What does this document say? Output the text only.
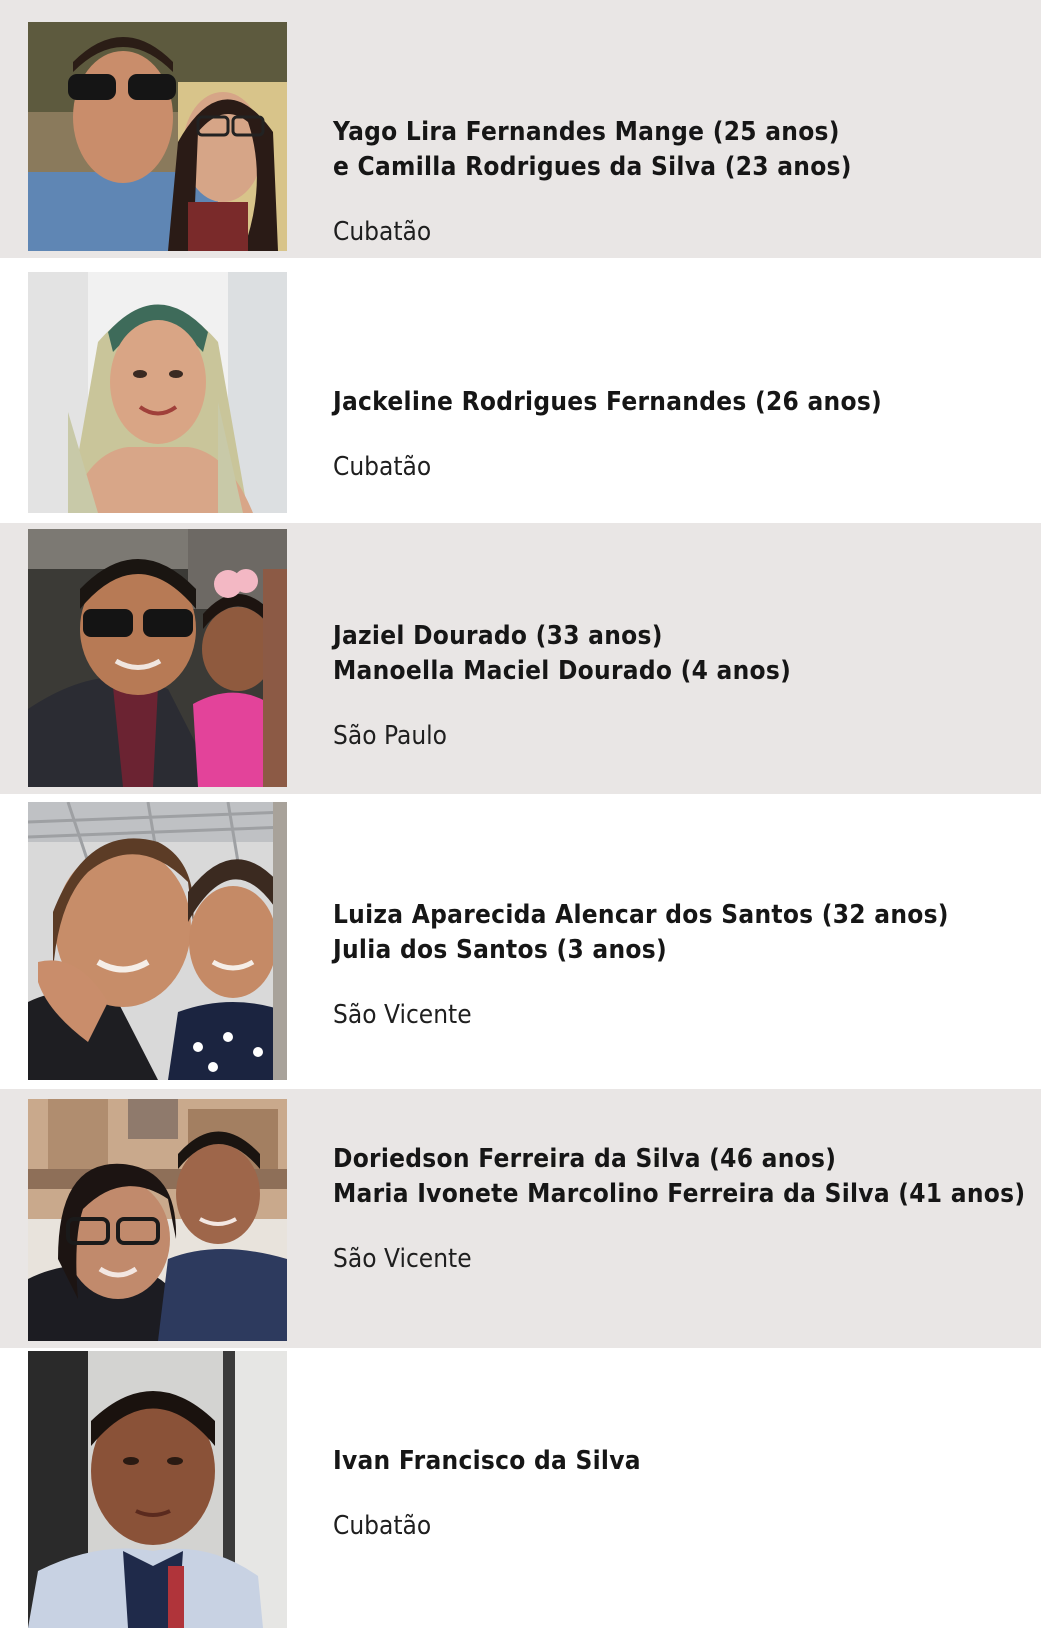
Yago Lira Fernandes Mange (25 anos)
e Camilla Rodrigues da Silva (23 anos)
Cubatão
Jackeline Rodrigues Fernandes (26 anos)
Cubatão
Jaziel Dourado (33 anos)
Manoella Maciel Dourado (4 anos)
São Paulo
Luiza Aparecida Alencar dos Santos (32 anos)
Julia dos Santos (3 anos)
São Vicente
Doriedson Ferreira da Silva (46 anos)
Maria Ivonete Marcolino Ferreira da Silva (41 anos)
São Vicente
Ivan Francisco da Silva
Cubatão
